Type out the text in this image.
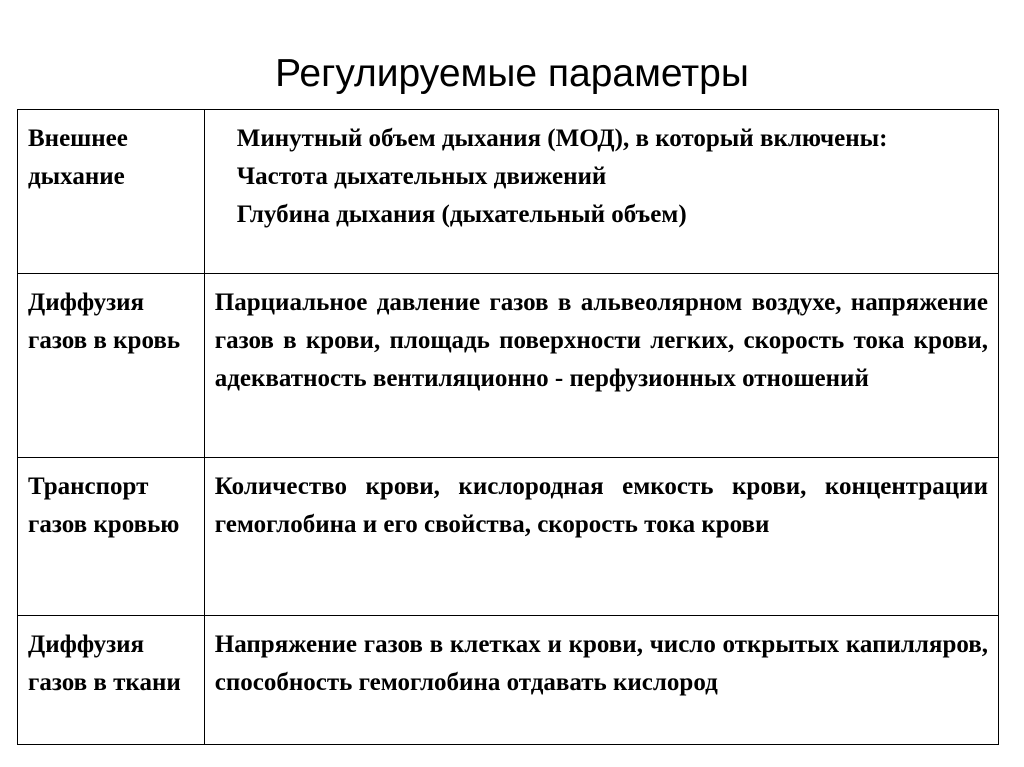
Регулируемые параметры
Внешнее дыхание	Минутный объем дыхания (МОД), в который включены:
Частота дыхательных движений
Глубина дыхания (дыхательный объем)

Диффузия газов в кровь	Парциальное давление газов в альвеолярном воздухе, напряжение газов в крови, площадь поверхности легких, скорость тока крови, адекватность вентиляционно - перфузионных отношений
Транспорт газов кровью	Количество крови, кислородная емкость крови, концентрации гемоглобина и его свойства, скорость тока крови
Диффузия газов в ткани	Напряжение газов в клетках и крови, число открытых капилляров, способность гемоглобина отдавать кислород
